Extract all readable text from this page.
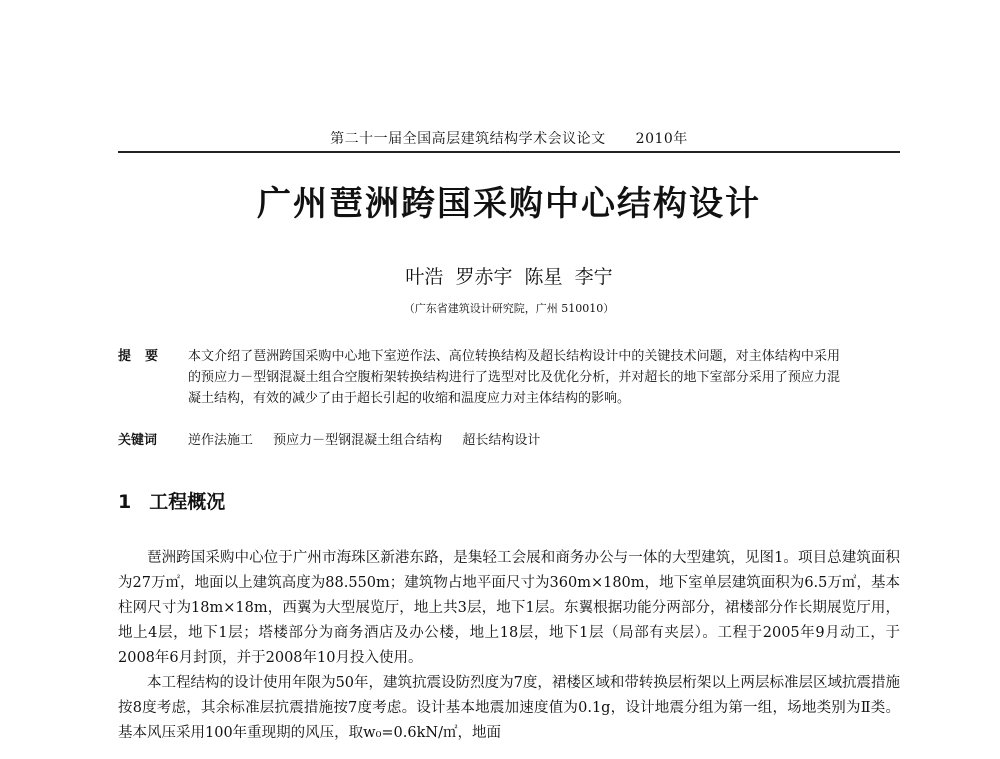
第二十一届全国高层建筑结构学术会议论文 2010年
广州琶洲跨国采购中心结构设计
叶浩 罗赤宇 陈星 李宁
（广东省建筑设计研究院，广州 510010）
提要	本文介绍了琶洲跨国采购中心地下室逆作法、高位转换结构及超长结构设计中的关键技术问题，对主体结构中采用的预应力－型钢混凝土组合空腹桁架转换结构进行了选型对比及优化分析，并对超长的地下室部分采用了预应力混凝土结构，有效的减少了由于超长引起的收缩和温度应力对主体结构的影响。
关键词	逆作法施工 预应力－型钢混凝土组合结构 超长结构设计
1 工程概况

琶洲跨国采购中心位于广州市海珠区新港东路，是集轻工会展和商务办公与一体的大型建筑，见图1。项目总建筑面积为27万㎡，地面以上建筑高度为88.550m；建筑物占地平面尺寸为360m×180m，地下室单层建筑面积为6.5万㎡，基本柱网尺寸为18m×18m，西翼为大型展览厅，地上共3层，地下1层。东翼根据功能分两部分，裙楼部分作长期展览厅用，地上4层，地下1层；塔楼部分为商务酒店及办公楼，地上18层，地下1层（局部有夹层）。工程于2005年9月动工，于2008年6月封顶，并于2008年10月投入使用。

本工程结构的设计使用年限为50年，建筑抗震设防烈度为7度，裙楼区域和带转换层桁架以上两层标准层区域抗震措施按8度考虑，其余标准层抗震措施按7度考虑。设计基本地震加速度值为0.1g，设计地震分组为第一组，场地类别为Ⅱ类。基本风压采用100年重现期的风压，取w₀=0.6kN/㎡，地面
